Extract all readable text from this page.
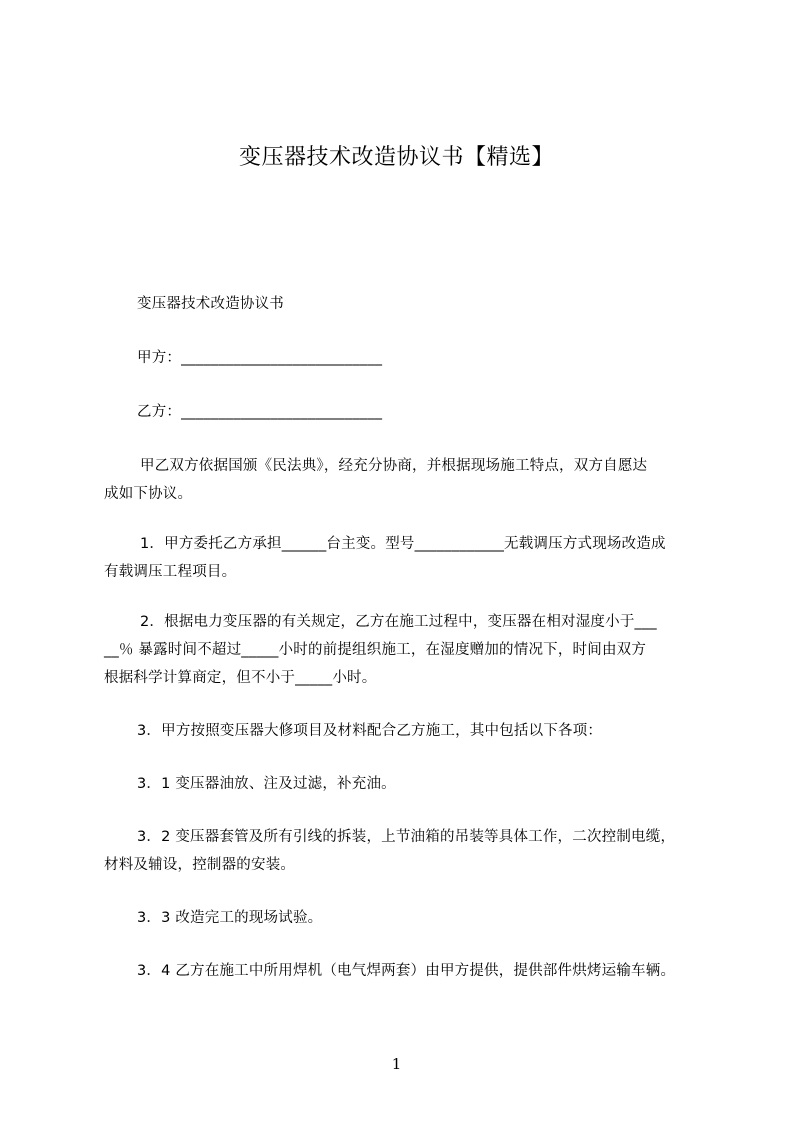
变压器技术改造协议书【精选】
变压器技术改造协议书
甲方：___________________________
乙方：___________________________
甲乙双方依据国颁《民法典》，经充分协商，并根据现场施工特点，双方自愿达
成如下协议。
1．甲方委托乙方承担______台主变。型号____________无载调压方式现场改造成
有载调压工程项目。
2．根据电力变压器的有关规定，乙方在施工过程中，变压器在相对湿度小于___
__％ 暴露时间不超过_____小时的前提组织施工，在湿度赠加的情况下，时间由双方
根据科学计算商定，但不小于_____小时。
3．甲方按照变压器大修项目及材料配合乙方施工，其中包括以下各项：
3．1 变压器油放、注及过滤，补充油。
3．2 变压器套管及所有引线的拆装，上节油箱的吊装等具体工作，二次控制电缆，
材料及辅设，控制器的安装。
3．3 改造完工的现场试验。
3．4 乙方在施工中所用焊机（电气焊两套）由甲方提供，提供部件烘烤运输车辆。
1
